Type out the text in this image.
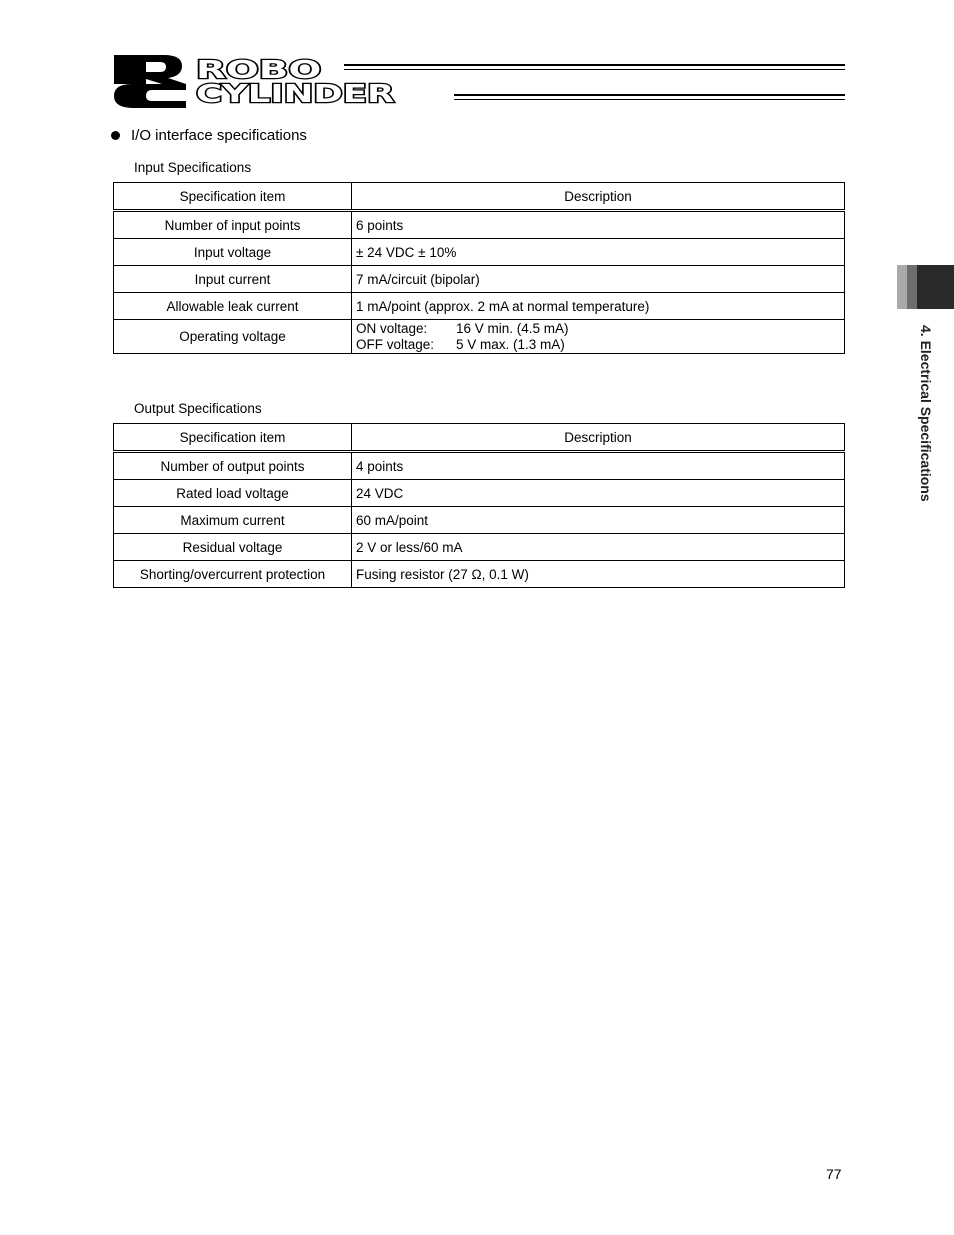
ROBO
CYLINDER
I/O interface specifications
Input Specifications
Specification item	Description
Number of input points	6 points
Input voltage	± 24 VDC ± 10%
Input current	7 mA/circuit (bipolar)
Allowable leak current	1 mA/point (approx. 2 mA at normal temperature)
Operating voltage	ON voltage: 16 V min. (4.5 mA)
OFF voltage: 5 V max. (1.3 mA)
Output Specifications
Specification item	Description
Number of output points	4 points
Rated load voltage	24 VDC
Maximum current	60 mA/point
Residual voltage	2 V or less/60 mA
Shorting/overcurrent protection	Fusing resistor (27 Ω, 0.1 W)
4. Electrical Specifications
77
